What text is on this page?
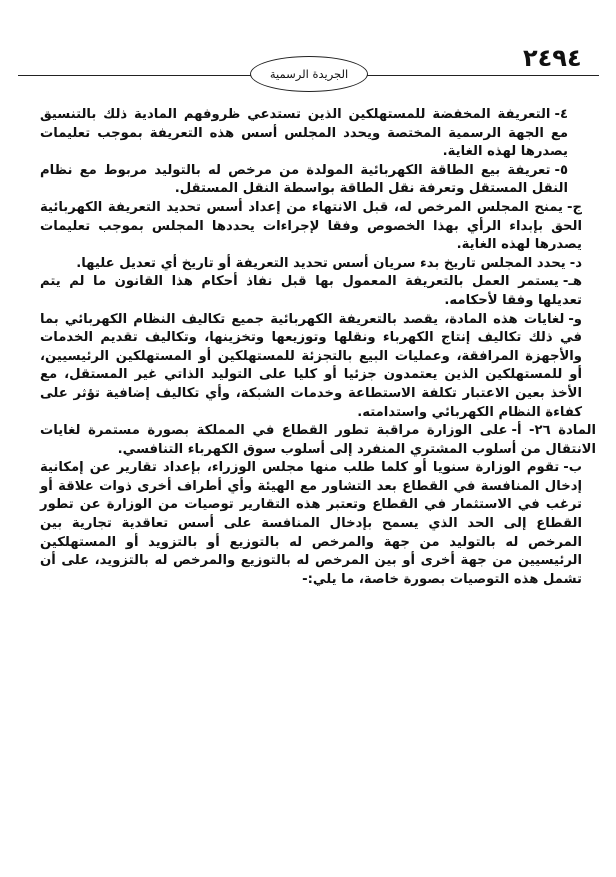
٢٤٩٤
الجريدة الرسمية

٤-التعريفة المخفضة للمستهلكين الذين تستدعي ظروفهم المادية ذلك بالتنسيق مع الجهة الرسمية المختصة ويحدد المجلس أسس هذه التعريفة بموجب تعليمات يصدرها لهذه الغاية.

٥-تعريفة بيع الطاقة الكهربائية المولدة من مرخص له بالتوليد مربوط مع نظام النقل المستقل وتعرفة نقل الطاقة بواسطة النقل المستقل.

ج-يمنح المجلس المرخص له، قبل الانتهاء من إعداد أسس تحديد التعريفة الكهربائية الحق بإبداء الرأي بهذا الخصوص وفقا لإجراءات يحددها المجلس بموجب تعليمات يصدرها لهذه الغاية.

د-يحدد المجلس تاريخ بدء سريان أسس تحديد التعريفة أو تاريخ أي تعديل عليها.

هـ-يستمر العمل بالتعريفة المعمول بها قبل نفاذ أحكام هذا القانون ما لم يتم تعديلها وفقا لأحكامه.

و-لغايات هذه المادة، يقصد بالتعريفة الكهربائية جميع تكاليف النظام الكهربائي بما في ذلك تكاليف إنتاج الكهرباء ونقلها وتوزيعها وتخزينها، وتكاليف تقديم الخدمات والأجهزة المرافقة، وعمليات البيع بالتجزئة للمستهلكين أو المستهلكين الرئيسيين، أو للمستهلكين الذين يعتمدون جزئيا أو كليا على التوليد الذاتي غير المستقل، مع الأخذ بعين الاعتبار تكلفة الاستطاعة وخدمات الشبكة، وأي تكاليف إضافية تؤثر على كفاءة النظام الكهربائي واستدامته.

المادة ٢٦- أ-على الوزارة مراقبة تطور القطاع في المملكة بصورة مستمرة لغايات الانتقال من أسلوب المشتري المنفرد إلى أسلوب سوق الكهرباء التنافسي.

ب-تقوم الوزارة سنويا أو كلما طلب منها مجلس الوزراء، بإعداد تقارير عن إمكانية إدخال المنافسة في القطاع بعد التشاور مع الهيئة وأي أطراف أخرى ذوات علاقة أو ترغب في الاستثمار في القطاع وتعتبر هذه التقارير توصيات من الوزارة عن تطور القطاع إلى الحد الذي يسمح بإدخال المنافسة على أسس تعاقدية تجارية بين المرخص له بالتوليد من جهة والمرخص له بالتوزيع أو بالتزويد أو المستهلكين الرئيسيين من جهة أخرى أو بين المرخص له بالتوزيع والمرخص له بالتزويد، على أن تشمل هذه التوصيات بصورة خاصة، ما يلي:-
